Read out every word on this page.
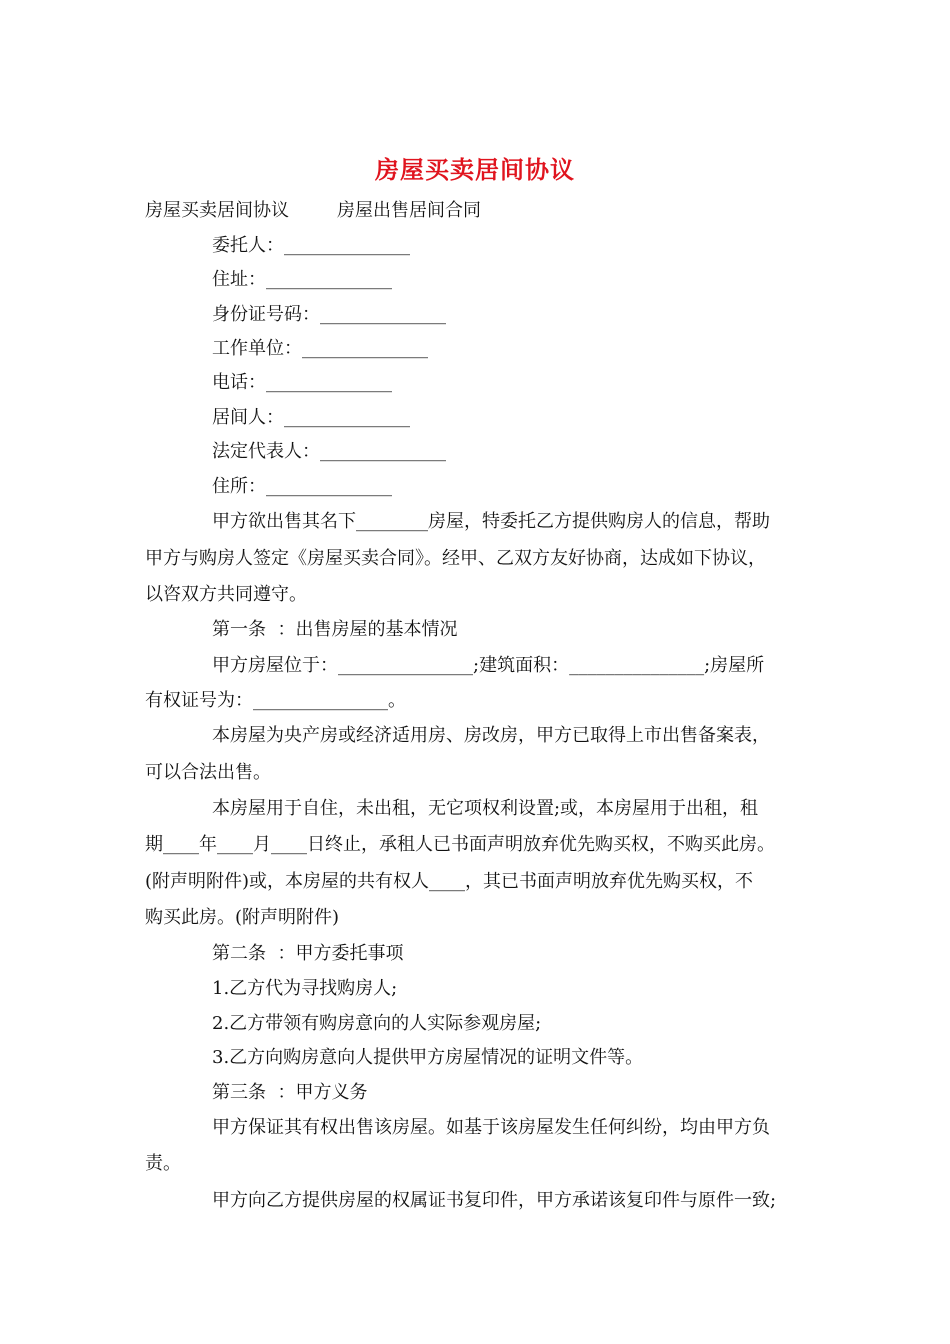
房屋买卖居间协议
房屋买卖居间协议	房屋出售居间合同
委托人：______________
住址：______________
身份证号码：______________
工作单位：______________
电话：______________
居间人：______________
法定代表人：______________
住所：______________
甲方欲出售其名下________房屋，特委托乙方提供购房人的信息，帮助
甲方与购房人签定《房屋买卖合同》。经甲、乙双方友好协商，达成如下协议，
以咨双方共同遵守。
第一条  ：出售房屋的基本情况
甲方房屋位于：_______________;建筑面积：_______________;房屋所
有权证号为：_______________。
本房屋为央产房或经济适用房、房改房，甲方已取得上市出售备案表，
可以合法出售。
本房屋用于自住，未出租，无它项权利设置;或，本房屋用于出租，租
期____年____月____日终止，承租人已书面声明放弃优先购买权，不购买此房。
(附声明附件)或，本房屋的共有权人____，其已书面声明放弃优先购买权，不
购买此房。(附声明附件)
第二条  ：甲方委托事项
1.乙方代为寻找购房人;
2.乙方带领有购房意向的人实际参观房屋;
3.乙方向购房意向人提供甲方房屋情况的证明文件等。
第三条  ：甲方义务
甲方保证其有权出售该房屋。如基于该房屋发生任何纠纷，均由甲方负
责。
甲方向乙方提供房屋的权属证书复印件，甲方承诺该复印件与原件一致;
